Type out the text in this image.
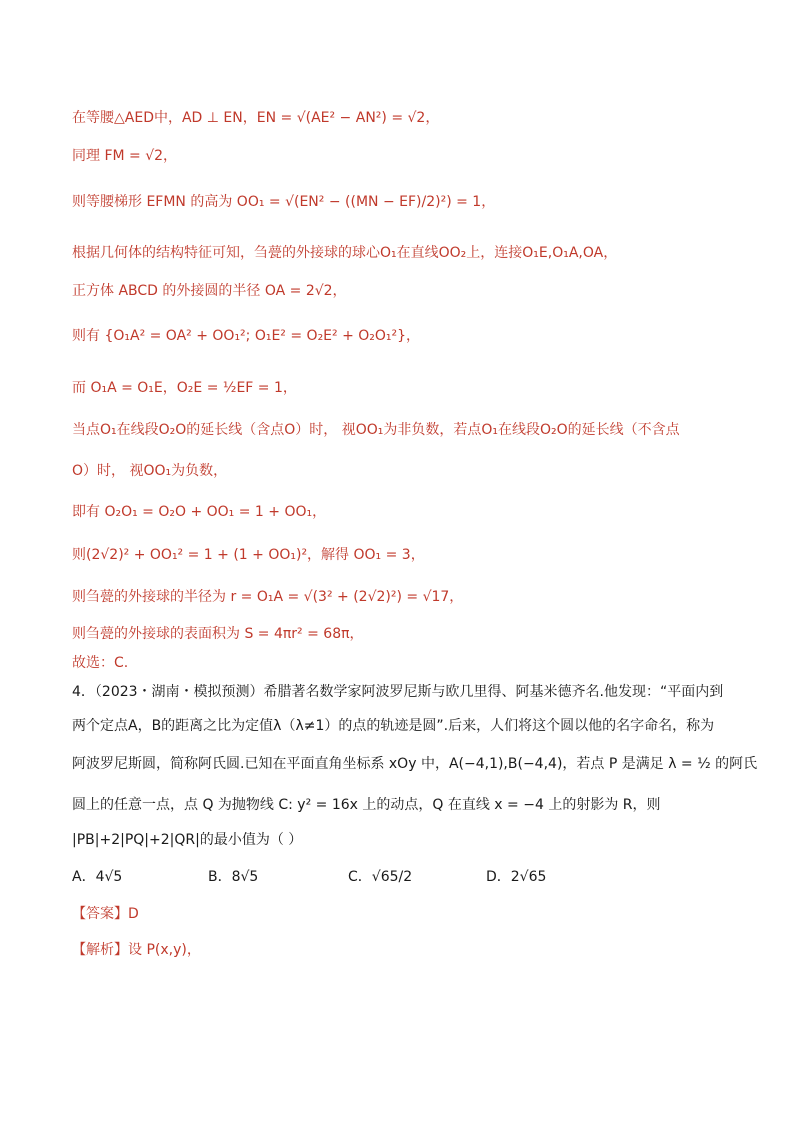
在等腰△AED中，AD ⊥ EN，EN = √(AE² − AN²) = √2，
同理 FM = √2，
则等腰梯形 EFMN 的高为 OO₁ = √(EN² − ((MN − EF)/2)²) = 1，
根据几何体的结构特征可知，刍甍的外接球的球心O₁在直线OO₂上，连接O₁E,O₁A,OA，
正方体 ABCD 的外接圆的半径 OA = 2√2，
则有 {O₁A² = OA² + OO₁²; O₁E² = O₂E² + O₂O₁²}，
而 O₁A = O₁E，O₂E = ½EF = 1，
当点O₁在线段O₂O的延长线（含点O）时， 视OO₁为非负数，若点O₁在线段O₂O的延长线（不含点
O）时， 视OO₁为负数，
即有 O₂O₁ = O₂O + OO₁ = 1 + OO₁，
则(2√2)² + OO₁² = 1 + (1 + OO₁)²，解得 OO₁ = 3，
则刍甍的外接球的半径为 r = O₁A = √(3² + (2√2)²) = √17，
则刍甍的外接球的表面积为 S = 4πr² = 68π，
故选：C.
4．（2023・湖南・模拟预测）希腊著名数学家阿波罗尼斯与欧几里得、阿基米德齐名.他发现：“平面内到
两个定点A，B的距离之比为定值λ（λ≠1）的点的轨迹是圆”.后来，人们将这个圆以他的名字命名，称为
阿波罗尼斯圆，简称阿氏圆.已知在平面直角坐标系 xOy 中，A(−4,1),B(−4,4)，若点 P 是满足 λ = ½ 的阿氏
圆上的任意一点，点 Q 为抛物线 C: y² = 16x 上的动点，Q 在直线 x = −4 上的射影为 R，则
|PB|+2|PQ|+2|QR|的最小值为（ ）
A．4√5	B．8√5	C．√65/2	D．2√65
【答案】D
【解析】设 P(x,y)，
